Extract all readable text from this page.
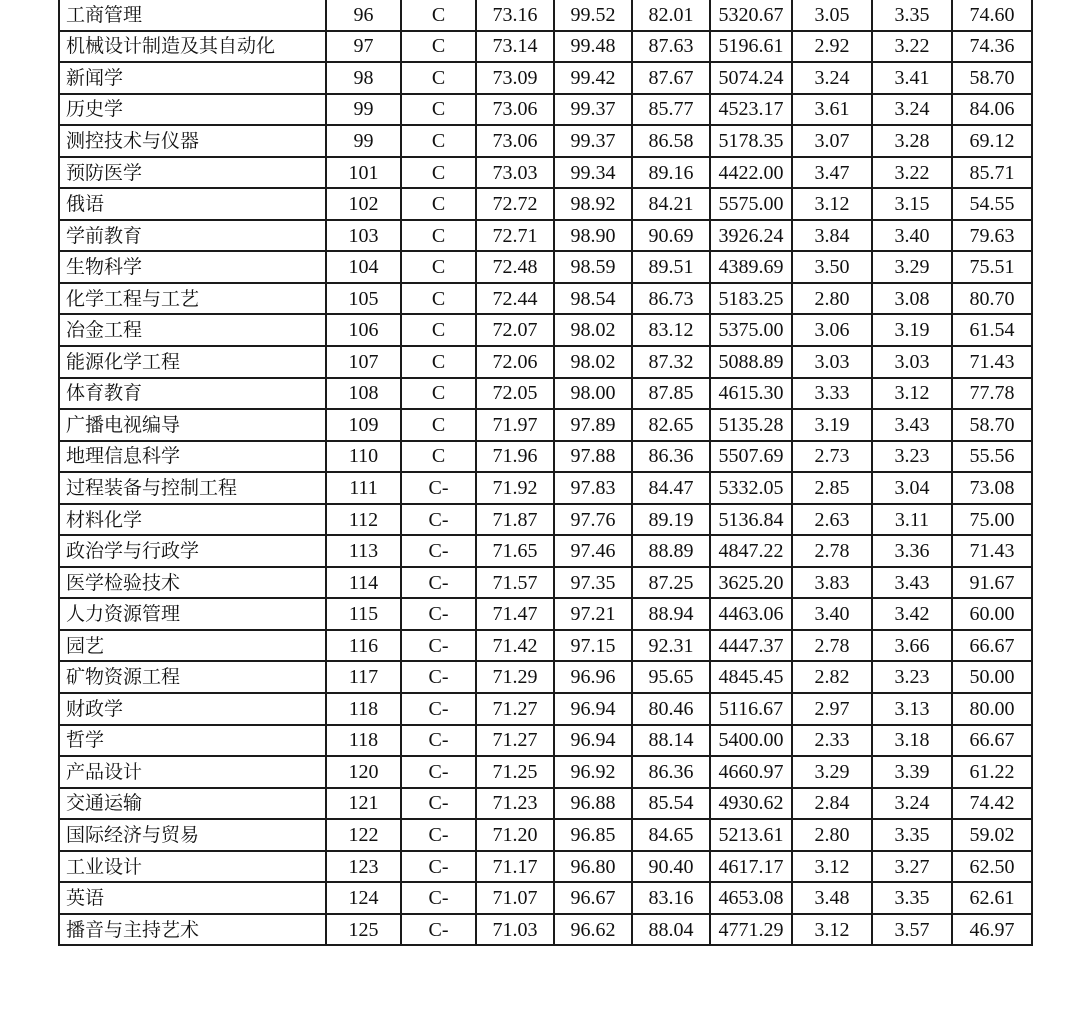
工商管理	96	C	73.16	99.52	82.01	5320.67	3.05	3.35	74.60
机械设计制造及其自动化	97	C	73.14	99.48	87.63	5196.61	2.92	3.22	74.36
新闻学	98	C	73.09	99.42	87.67	5074.24	3.24	3.41	58.70
历史学	99	C	73.06	99.37	85.77	4523.17	3.61	3.24	84.06
测控技术与仪器	99	C	73.06	99.37	86.58	5178.35	3.07	3.28	69.12
预防医学	101	C	73.03	99.34	89.16	4422.00	3.47	3.22	85.71
俄语	102	C	72.72	98.92	84.21	5575.00	3.12	3.15	54.55
学前教育	103	C	72.71	98.90	90.69	3926.24	3.84	3.40	79.63
生物科学	104	C	72.48	98.59	89.51	4389.69	3.50	3.29	75.51
化学工程与工艺	105	C	72.44	98.54	86.73	5183.25	2.80	3.08	80.70
冶金工程	106	C	72.07	98.02	83.12	5375.00	3.06	3.19	61.54
能源化学工程	107	C	72.06	98.02	87.32	5088.89	3.03	3.03	71.43
体育教育	108	C	72.05	98.00	87.85	4615.30	3.33	3.12	77.78
广播电视编导	109	C	71.97	97.89	82.65	5135.28	3.19	3.43	58.70
地理信息科学	110	C	71.96	97.88	86.36	5507.69	2.73	3.23	55.56
过程装备与控制工程	111	C-	71.92	97.83	84.47	5332.05	2.85	3.04	73.08
材料化学	112	C-	71.87	97.76	89.19	5136.84	2.63	3.11	75.00
政治学与行政学	113	C-	71.65	97.46	88.89	4847.22	2.78	3.36	71.43
医学检验技术	114	C-	71.57	97.35	87.25	3625.20	3.83	3.43	91.67
人力资源管理	115	C-	71.47	97.21	88.94	4463.06	3.40	3.42	60.00
园艺	116	C-	71.42	97.15	92.31	4447.37	2.78	3.66	66.67
矿物资源工程	117	C-	71.29	96.96	95.65	4845.45	2.82	3.23	50.00
财政学	118	C-	71.27	96.94	80.46	5116.67	2.97	3.13	80.00
哲学	118	C-	71.27	96.94	88.14	5400.00	2.33	3.18	66.67
产品设计	120	C-	71.25	96.92	86.36	4660.97	3.29	3.39	61.22
交通运输	121	C-	71.23	96.88	85.54	4930.62	2.84	3.24	74.42
国际经济与贸易	122	C-	71.20	96.85	84.65	5213.61	2.80	3.35	59.02
工业设计	123	C-	71.17	96.80	90.40	4617.17	3.12	3.27	62.50
英语	124	C-	71.07	96.67	83.16	4653.08	3.48	3.35	62.61
播音与主持艺术	125	C-	71.03	96.62	88.04	4771.29	3.12	3.57	46.97
